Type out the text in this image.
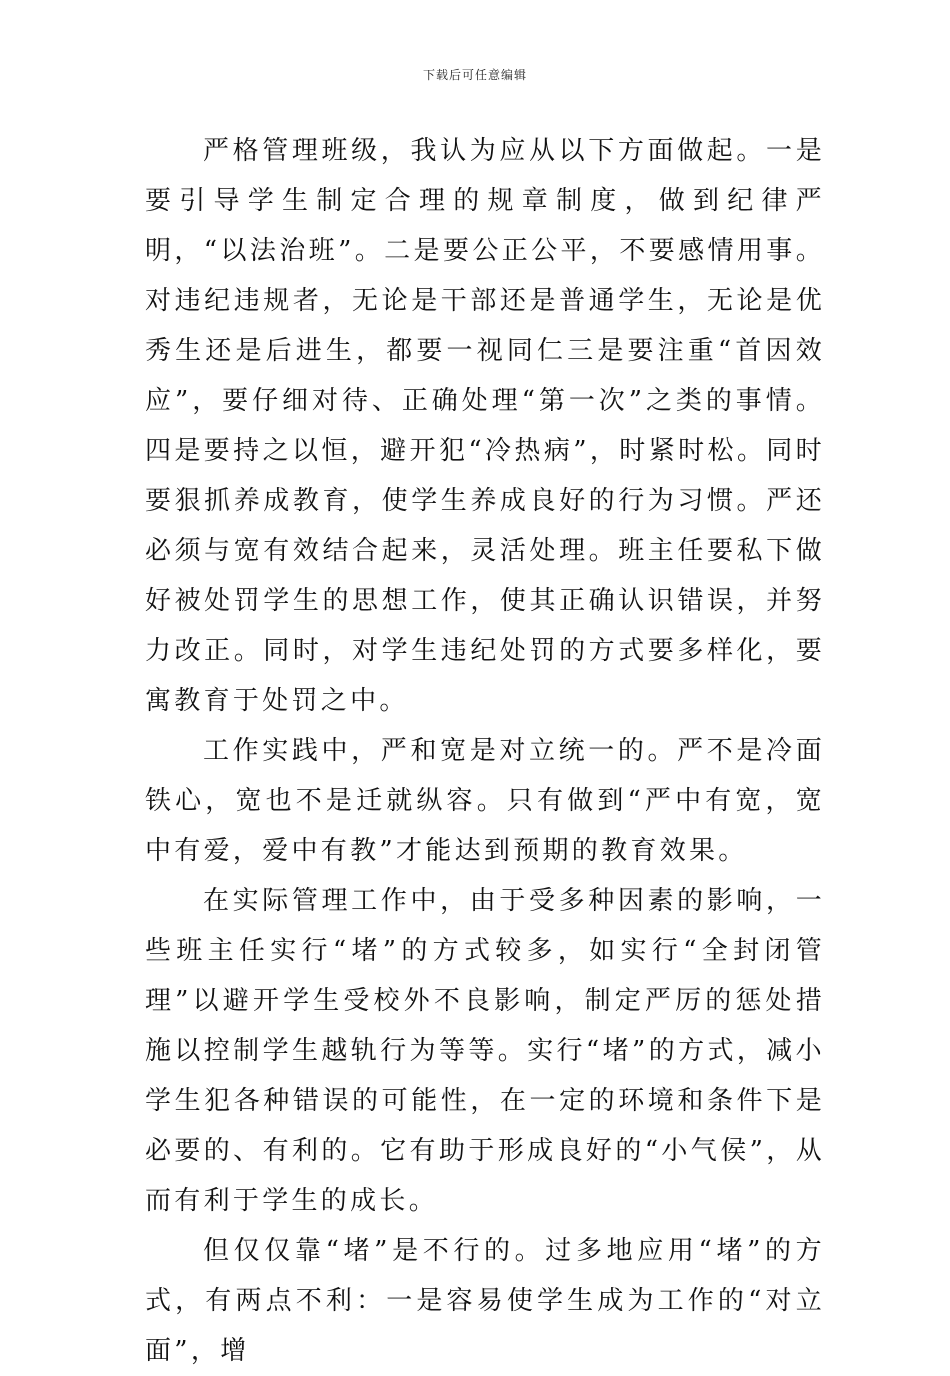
下载后可任意编辑

严格管理班级，我认为应从以下方面做起。一是要引导学生制定合理的规章制度，做到纪律严明，“以法治班”。二是要公正公平，不要感情用事。对违纪违规者，无论是干部还是普通学生，无论是优秀生还是后进生，都要一视同仁三是要注重“首因效应”，要仔细对待、正确处理“第一次”之类的事情。四是要持之以恒，避开犯“冷热病”，时紧时松。同时要狠抓养成教育，使学生养成良好的行为习惯。严还必须与宽有效结合起来，灵活处理。班主任要私下做好被处罚学生的思想工作，使其正确认识错误，并努力改正。同时，对学生违纪处罚的方式要多样化，要寓教育于处罚之中。

工作实践中，严和宽是对立统一的。严不是冷面铁心，宽也不是迁就纵容。只有做到“严中有宽，宽中有爱，爱中有教”才能达到预期的教育效果。

在实际管理工作中，由于受多种因素的影响，一些班主任实行“堵”的方式较多，如实行“全封闭管理”以避开学生受校外不良影响，制定严厉的惩处措施以控制学生越轨行为等等。实行“堵”的方式，减小学生犯各种错误的可能性，在一定的环境和条件下是必要的、有利的。它有助于形成良好的“小气侯”，从而有利于学生的成长。

但仅仅靠“堵”是不行的。过多地应用“堵”的方式，有两点不利：一是容易使学生成为工作的“对立面”，增
